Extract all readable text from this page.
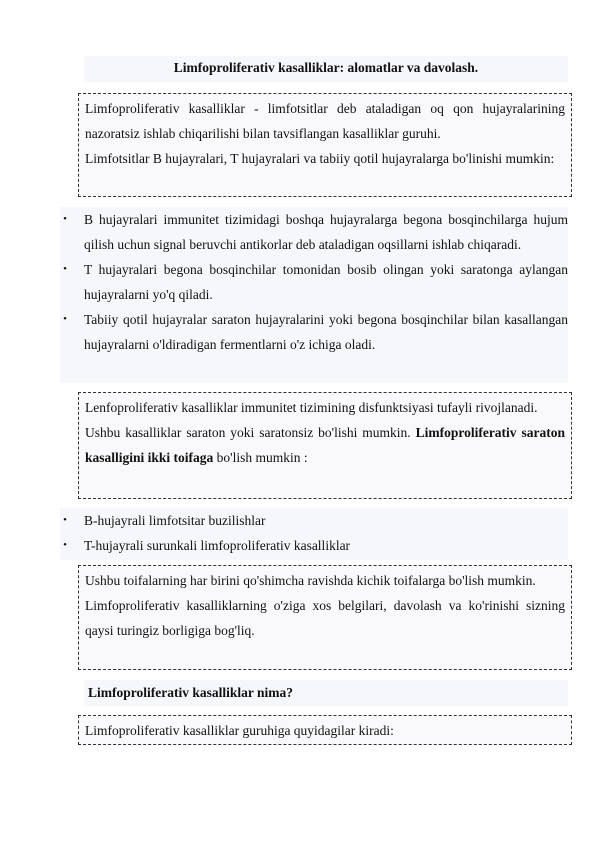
Limfoproliferativ kasalliklar: alomatlar va davolash.

Limfoproliferativ kasalliklar - limfotsitlar deb ataladigan oq qon hujayralarining nazoratsiz ishlab chiqarilishi bilan tavsiflangan kasalliklar guruhi.

Limfotsitlar B hujayralari, T hujayralari va tabiiy qotil hujayralarga bo'linishi mumkin:

• B hujayralari immunitet tizimidagi boshqa hujayralarga begona bosqinchilarga hujum qilish uchun signal beruvchi antikorlar deb ataladigan oqsillarni ishlab chiqaradi.
• T hujayralari begona bosqinchilar tomonidan bosib olingan yoki saratonga aylangan hujayralarni yo'q qiladi.
• Tabiiy qotil hujayralar saraton hujayralarini yoki begona bosqinchilar bilan kasallangan hujayralarni o'ldiradigan fermentlarni o'z ichiga oladi.

Lenfoproliferativ kasalliklar immunitet tizimining disfunktsiyasi tufayli rivojlanadi.

Ushbu kasalliklar saraton yoki saratonsiz bo'lishi mumkin. Limfoproliferativ saraton kasalligini ikki toifaga bo'lish mumkin :

• B-hujayrali limfotsitar buzilishlar
• T-hujayrali surunkali limfoproliferativ kasalliklar

Ushbu toifalarning har birini qo'shimcha ravishda kichik toifalarga bo'lish mumkin.

Limfoproliferativ kasalliklarning o'ziga xos belgilari, davolash va ko'rinishi sizning qaysi turingiz borligiga bog'liq.

Limfoproliferativ kasalliklar nima?

Limfoproliferativ kasalliklar guruhiga quyidagilar kiradi:
